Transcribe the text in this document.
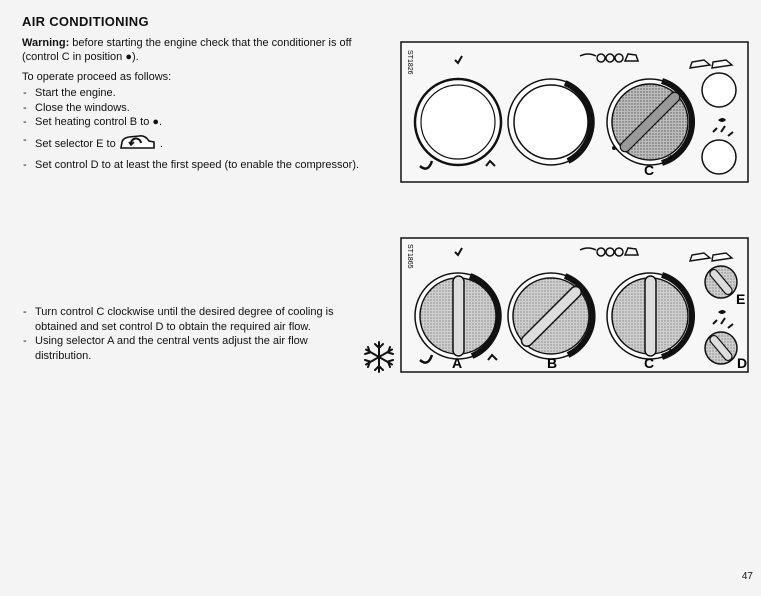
AIR CONDITIONING
Warning: before starting the engine check that the conditioner is off (control C in position ●).
To operate proceed as follows:
- Start the engine.
- Close the windows.
- Set heating control B to ●.
- Set selector E to	.
- Set control D to at least the first speed (to enable the compressor).
- Turn control C clockwise until the desired degree of cooling is obtained and set control D to obtain the required air flow.
- Using selector A and the central vents adjust the air flow distribution.
ST1826
C
*
ST1865
A	B	C
*
E
D
47
